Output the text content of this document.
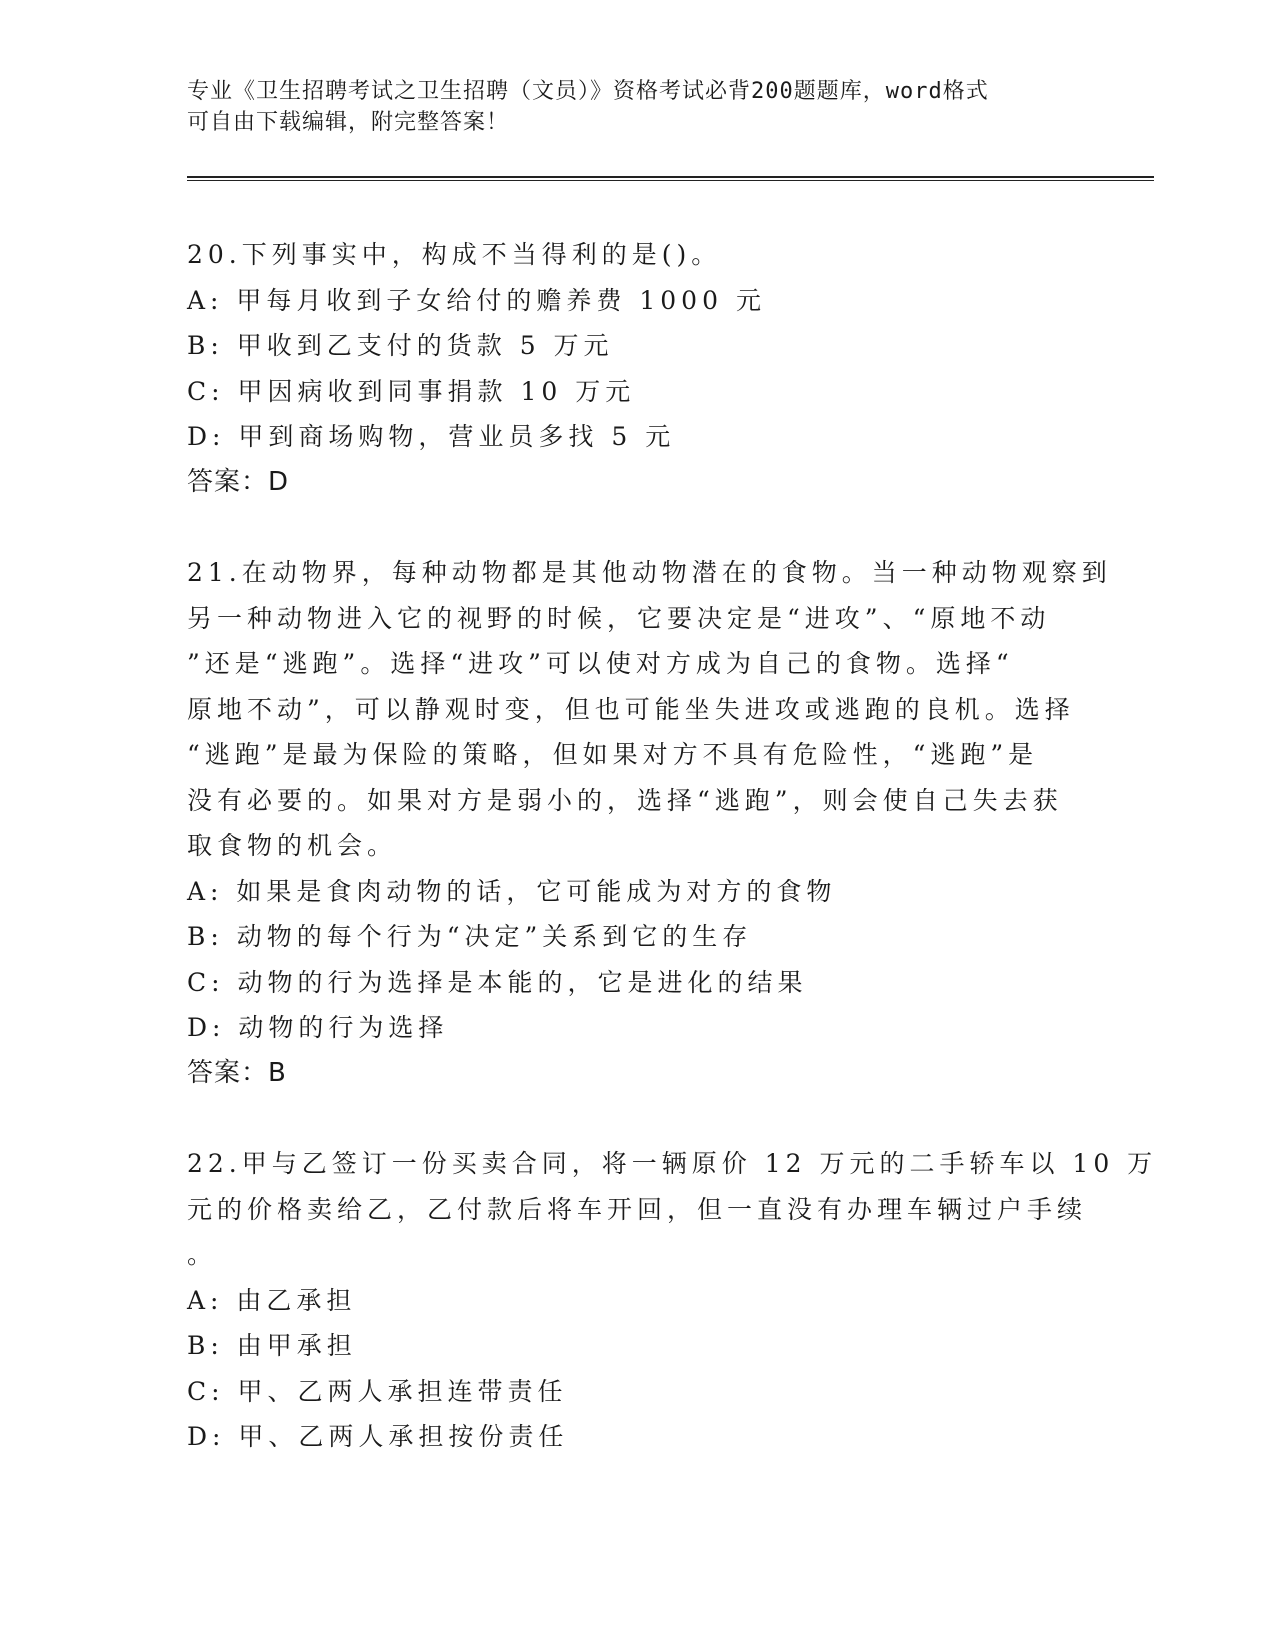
专业《卫生招聘考试之卫生招聘（文员）》资格考试必背200题题库，word格式
可自由下载编辑，附完整答案！
20.下列事实中，构成不当得利的是()。
A: 甲每月收到子女给付的赡养费 1000 元
B: 甲收到乙支付的货款 5 万元
C: 甲因病收到同事捐款 10 万元
D: 甲到商场购物，营业员多找 5 元
答案：D
21.在动物界，每种动物都是其他动物潜在的食物。当一种动物观察到
另一种动物进入它的视野的时候，它要决定是“进攻”、“原地不动
”还是“逃跑”。选择“进攻”可以使对方成为自己的食物。选择“
原地不动”，可以静观时变，但也可能坐失进攻或逃跑的良机。选择
“逃跑”是最为保险的策略，但如果对方不具有危险性，“逃跑”是
没有必要的。如果对方是弱小的，选择“逃跑”，则会使自己失去获
取食物的机会。
A: 如果是食肉动物的话，它可能成为对方的食物
B: 动物的每个行为“决定”关系到它的生存
C: 动物的行为选择是本能的，它是进化的结果
D: 动物的行为选择
答案：B
22.甲与乙签订一份买卖合同，将一辆原价 12 万元的二手轿车以 10 万
元的价格卖给乙，乙付款后将车开回，但一直没有办理车辆过户手续
。
A: 由乙承担
B: 由甲承担
C: 甲、乙两人承担连带责任
D: 甲、乙两人承担按份责任
